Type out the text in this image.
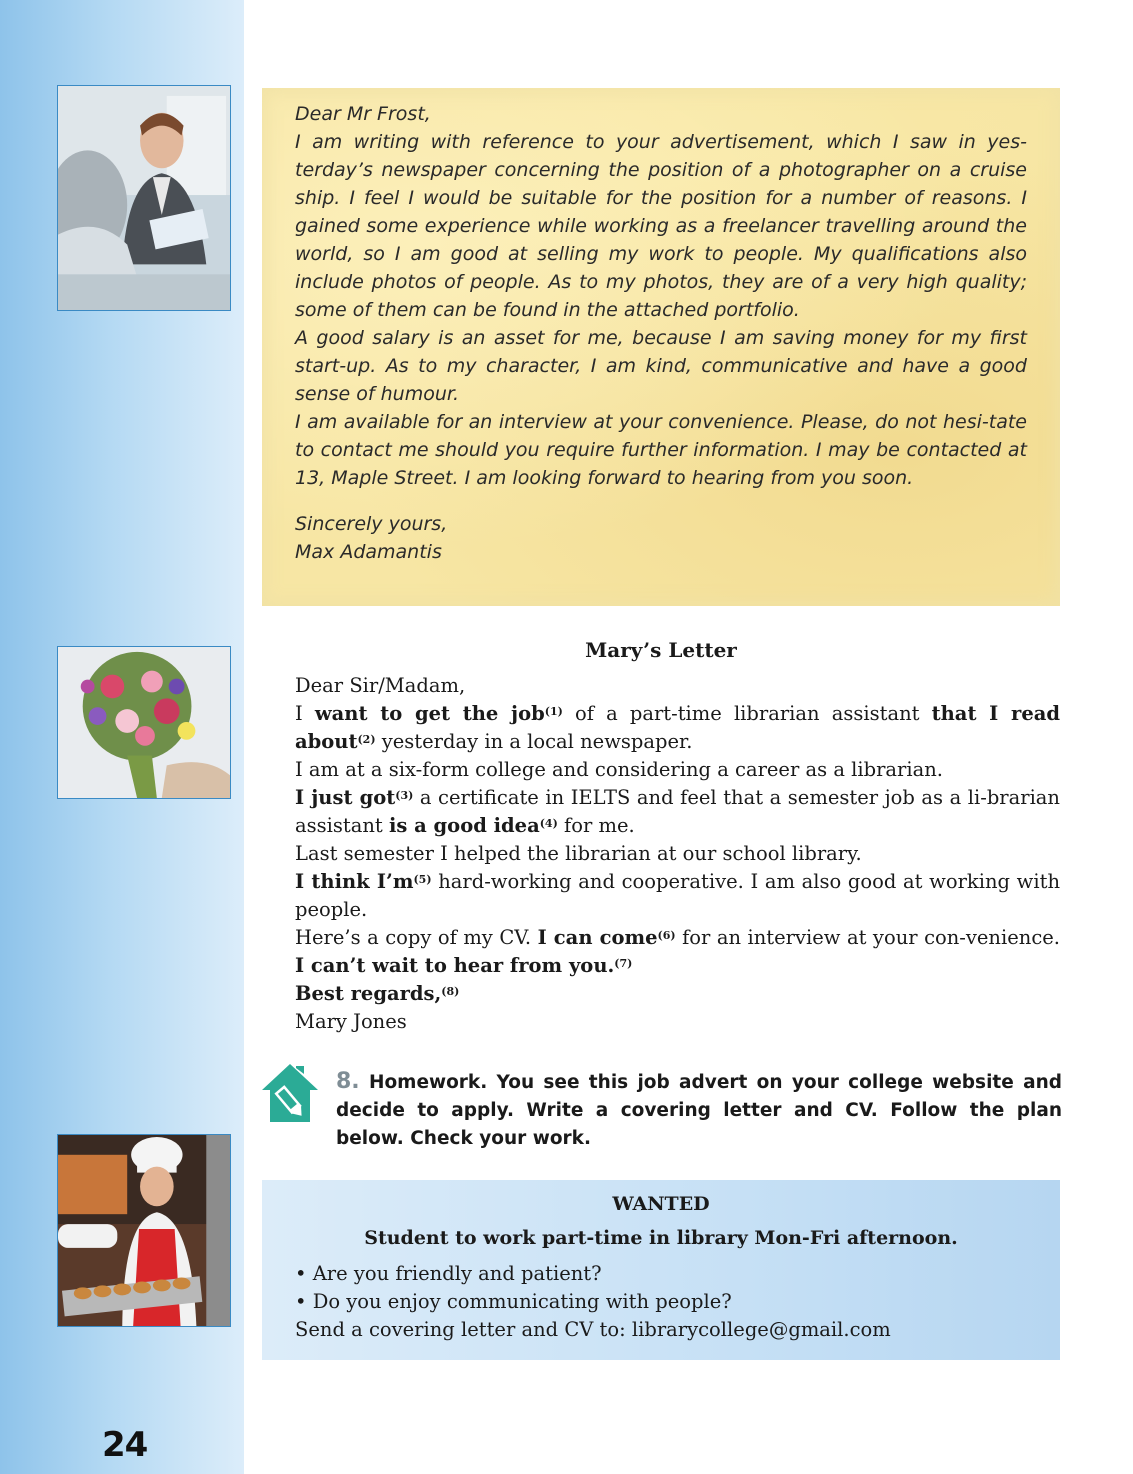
Dear Mr Frost,

I am writing with reference to your advertisement, which I saw in yes-terday’s newspaper concerning the position of a photographer on a cruise ship. I feel I would be suitable for the position for a number of reasons. I gained some experience while working as a freelancer travelling around the world, so I am good at selling my work to people. My qualifications also include photos of people. As to my photos, they are of a very high quality; some of them can be found in the attached portfolio.

A good salary is an asset for me, because I am saving money for my first start-up. As to my character, I am kind, communicative and have a good sense of humour.

I am available for an interview at your convenience. Please, do not hesi-tate to contact me should you require further information. I may be contacted at 13, Maple Street. I am looking forward to hearing from you soon.

Sincerely yours,

Max Adamantis

Mary’s Letter

Dear Sir/Madam,

I want to get the job$^{(1)}$ of a part-time librarian assistant that I read about$^{(2)}$ yesterday in a local newspaper.

I am at a six-form college and considering a career as a librarian.

I just got$^{(3)}$ a certificate in IELTS and feel that a semester job as a li-brarian assistant is a good idea$^{(4)}$ for me.

Last semester I helped the librarian at our school library.

I think $I’m^{(5)}$ hard-working and cooperative. I am also good at working with people.

Here’s a copy of my CV. I can come$^{(6)}$ for an interview at your con-venience. I can’t wait to hear from you.$^{(7)}$

Best regards,$^{(8)}$

Mary Jones

8. Homework. You see this job advert on your college website and decide to apply. Write a covering letter and CV. Follow the plan below. Check your work.
WANTED
Student to work part-time in library Mon-Fri afternoon.
• Are you friendly and patient?
• Do you enjoy communicating with people?
Send a covering letter and CV to: librarycollege@gmail.com
24
